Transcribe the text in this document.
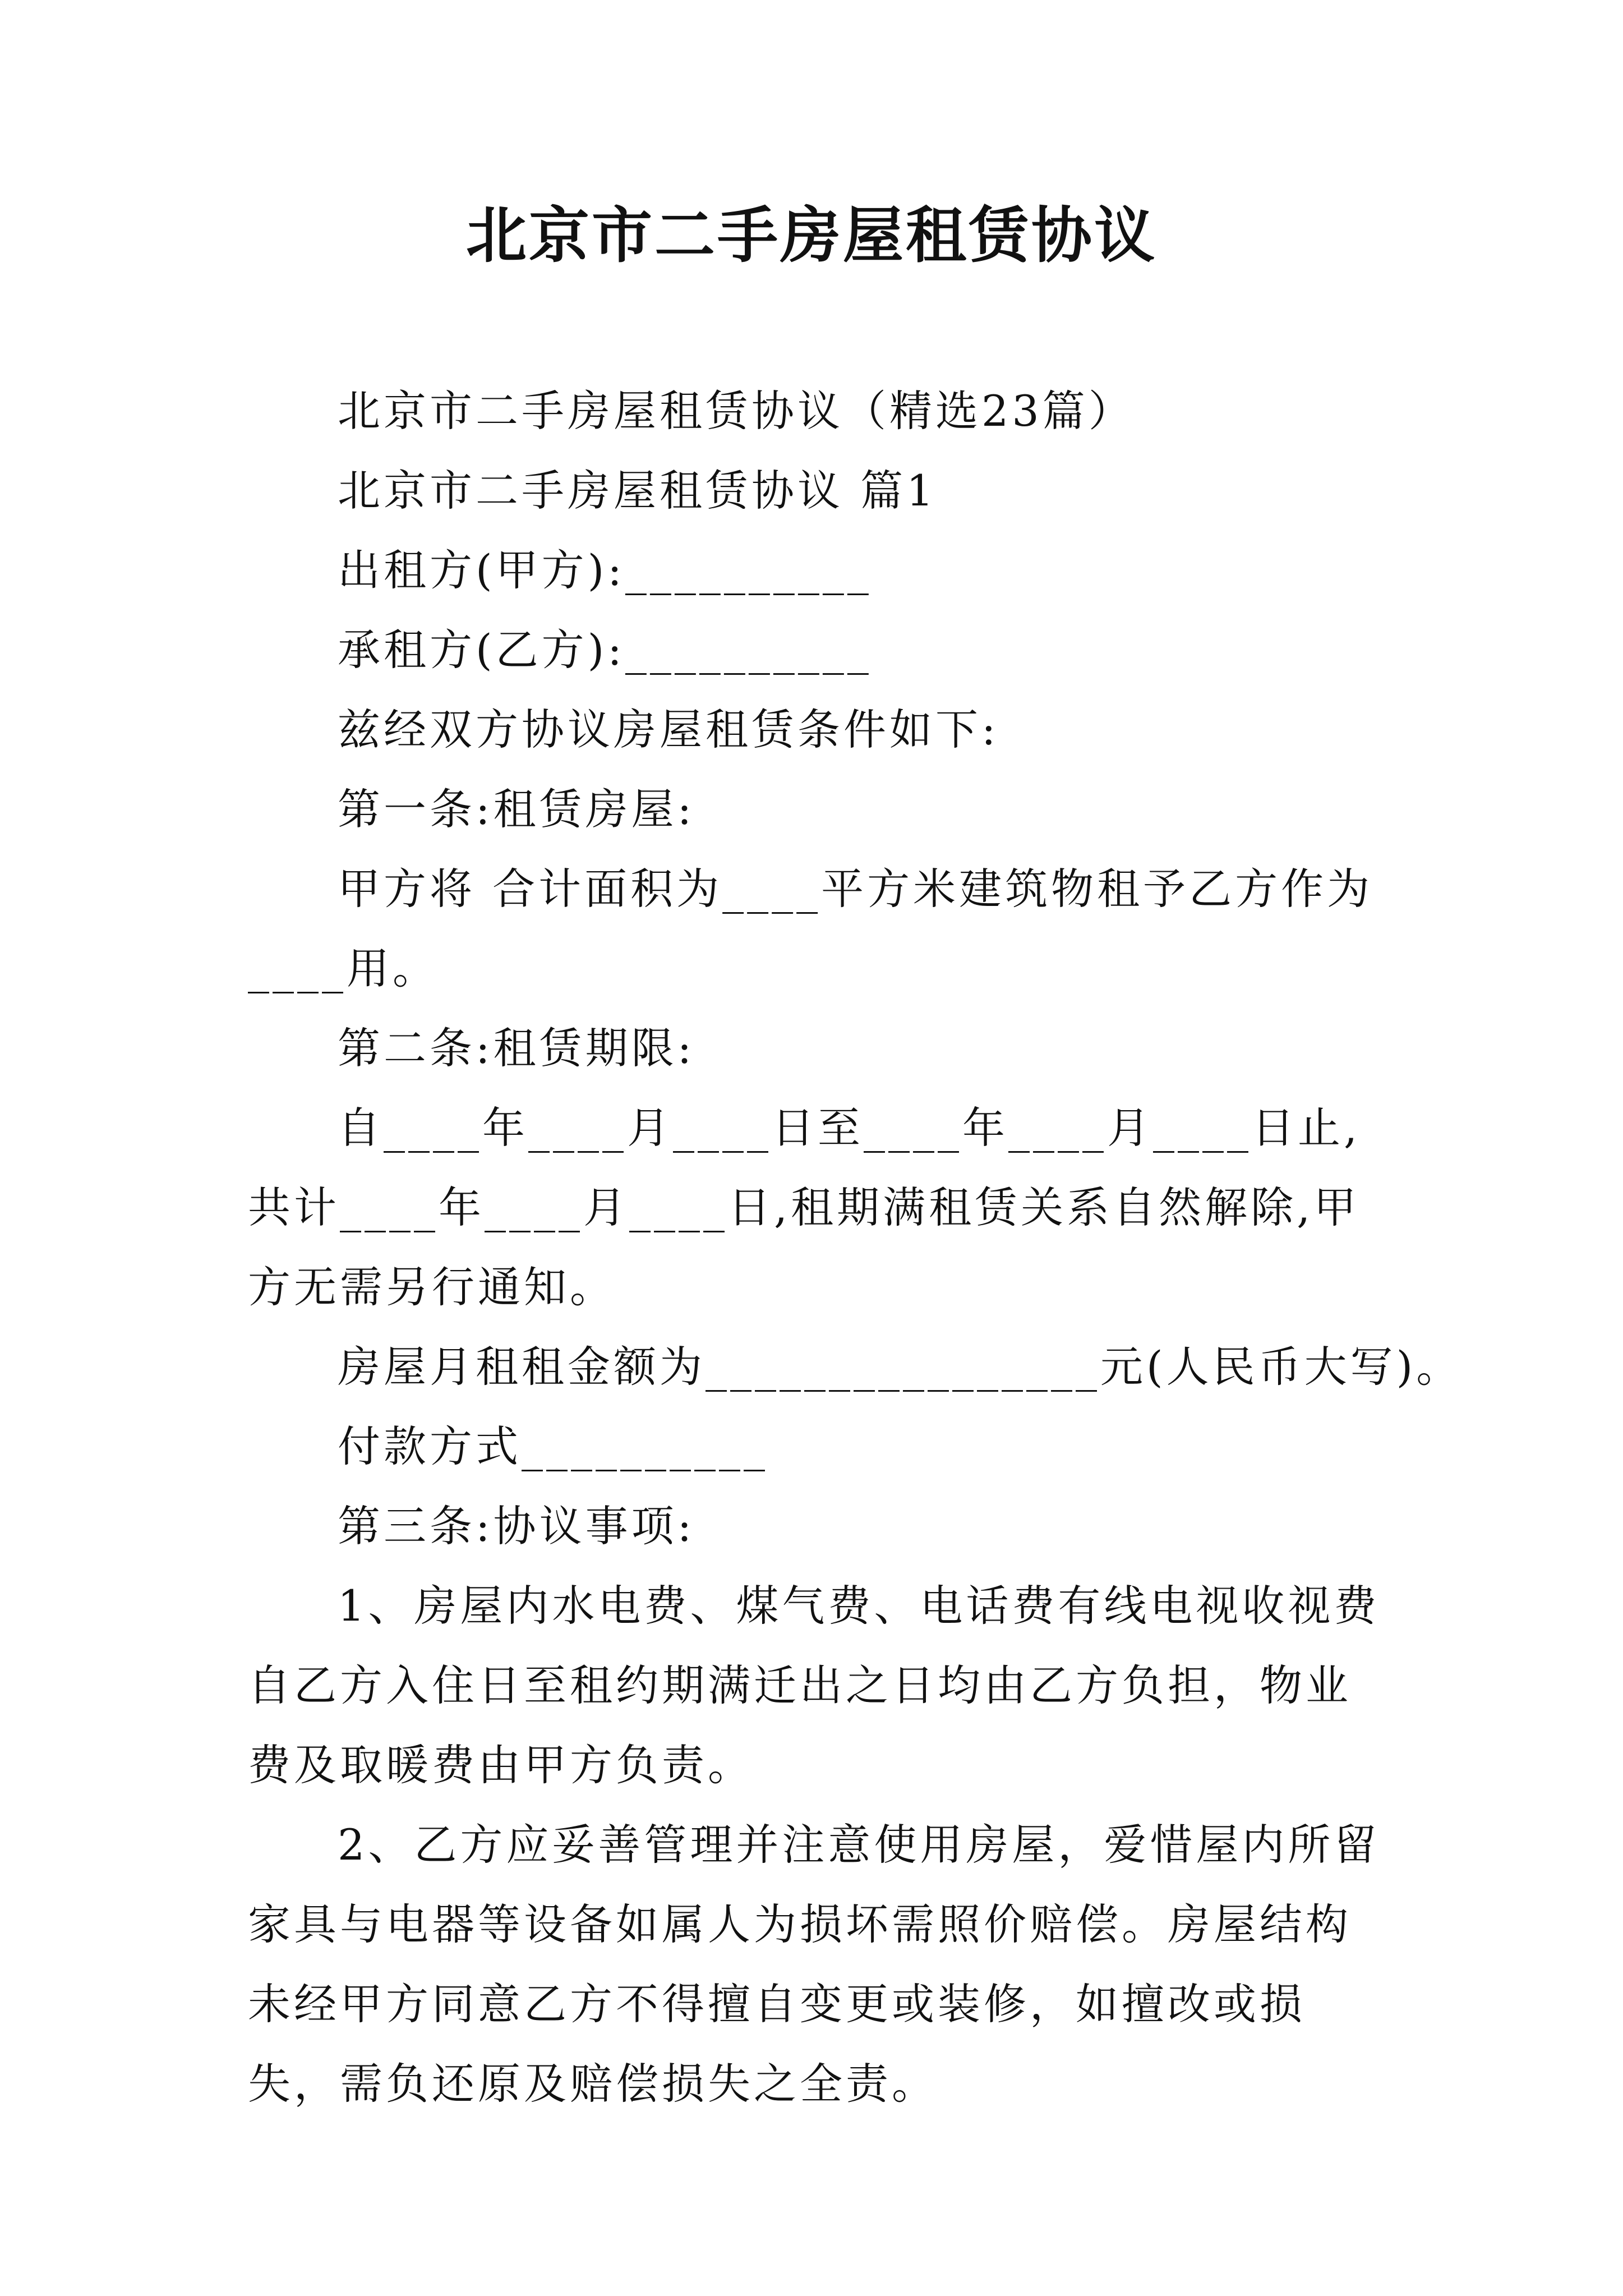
北京市二手房屋租赁协议

北京市二手房屋租赁协议（精选23篇）

北京市二手房屋租赁协议 篇1

出租方(甲方):__________

承租方(乙方):__________

兹经双方协议房屋租赁条件如下:

第一条:租赁房屋:

甲方将 合计面积为____平方米建筑物租予乙方作为____用。

第二条:租赁期限:

自____年____月____日至____年____月____日止,共计____年____月____日,租期满租赁关系自然解除,甲方无需另行通知。

房屋月租租金额为________________元(人民币大写)。

付款方式__________

第三条:协议事项:

1、房屋内水电费、煤气费、电话费有线电视收视费自乙方入住日至租约期满迁出之日均由乙方负担，物业费及取暖费由甲方负责。

2、乙方应妥善管理并注意使用房屋，爱惜屋内所留家具与电器等设备如属人为损坏需照价赔偿。房屋结构未经甲方同意乙方不得擅自变更或装修，如擅改或损失，需负还原及赔偿损失之全责。
